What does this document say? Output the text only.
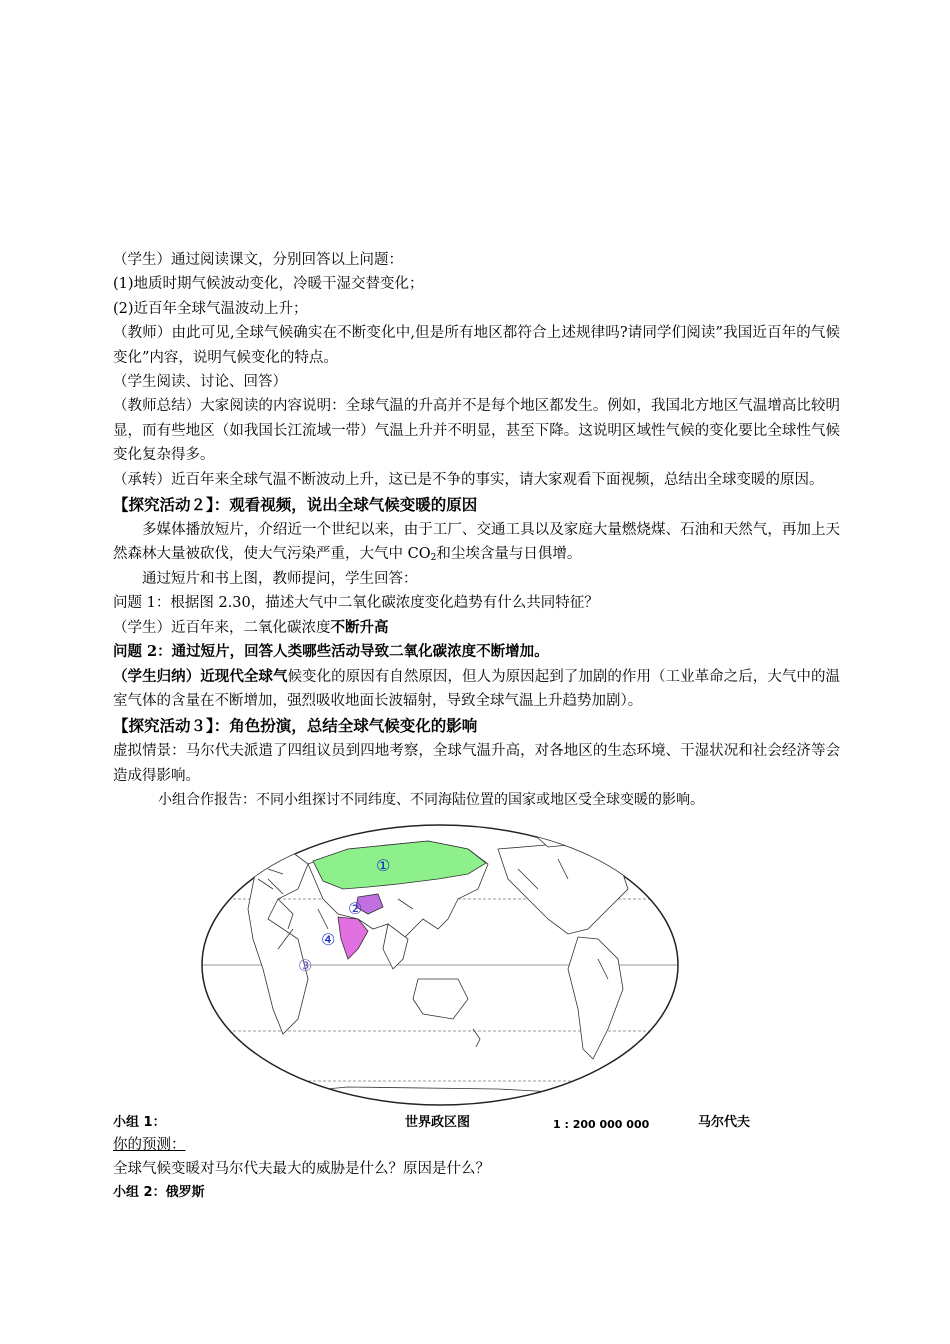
（学生）通过阅读课文，分别回答以上问题：

(1)地质时期气候波动变化，冷暖干湿交替变化；

(2)近百年全球气温波动上升；

（教师）由此可见,全球气候确实在不断变化中,但是所有地区都符合上述规律吗?请同学们阅读”我国近百年的气候变化”内容，说明气候变化的特点。

（学生阅读、讨论、回答）

（教师总结）大家阅读的内容说明：全球气温的升高并不是每个地区都发生。例如，我国北方地区气温增高比较明显，而有些地区（如我国长江流域一带）气温上升并不明显，甚至下降。这说明区域性气候的变化要比全球性气候变化复杂得多。

（承转）近百年来全球气温不断波动上升，这已是不争的事实，请大家观看下面视频，总结出全球变暖的原因。

【探究活动２】：观看视频，说出全球气候变暖的原因

多媒体播放短片，介绍近一个世纪以来，由于工厂、交通工具以及家庭大量燃烧煤、石油和天然气，再加上天然森林大量被砍伐，使大气污染严重，大气中 $CO_2$和尘埃含量与日俱增。

通过短片和书上图，教师提问，学生回答：

问题 1：根据图 2.30，描述大气中二氧化碳浓度变化趋势有什么共同特征？

（学生）近百年来，二氧化碳浓度不断升高

问题 2：通过短片，回答人类哪些活动导致二氧化碳浓度不断增加。

（学生归纳）近现代全球气候变化的原因有自然原因，但人为原因起到了加剧的作用（工业革命之后，大气中的温室气体的含量在不断增加，强烈吸收地面长波辐射，导致全球气温上升趋势加剧）。

【探究活动３】：角色扮演，总结全球气候变化的影响

虚拟情景：马尔代夫派遣了四组议员到四地考察，全球气温升高，对各地区的生态环境、干湿状况和社会经济等会造成得影响。

小组合作报告：不同小组探讨不同纬度、不同海陆位置的国家或地区受全球变暖的影响。

①
②
③
④
小组 1：	世界政区图	1 : 200 000 000	马尔代夫

你的预测：

全球气候变暖对马尔代夫最大的威胁是什么？原因是什么？

小组 2：俄罗斯
